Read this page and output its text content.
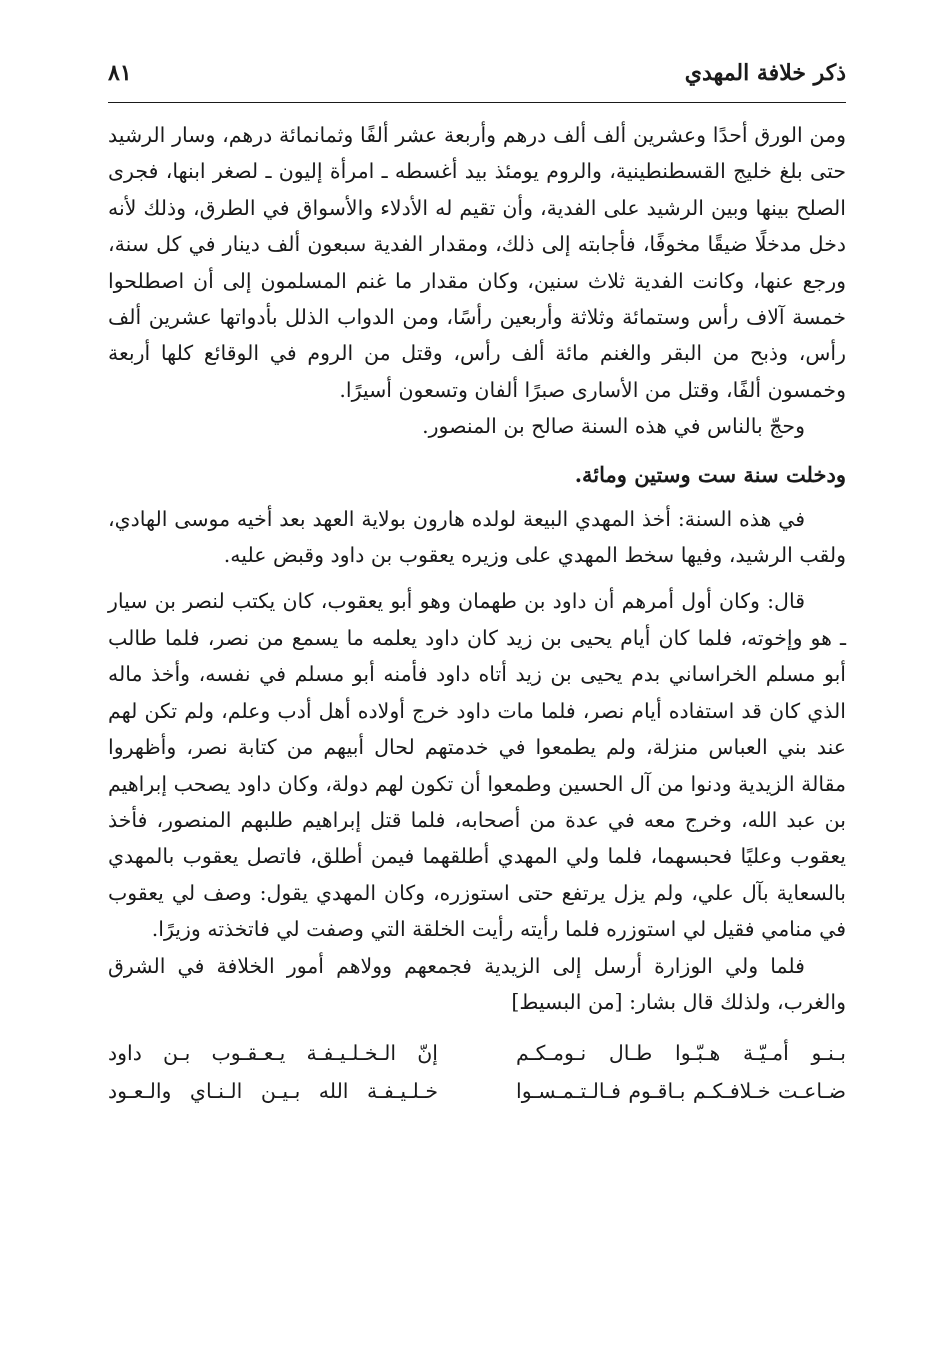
ذكر خلافة المهدي
٨١

ومن الورق أحدًا وعشرين ألف ألف درهم وأربعة عشر ألفًا وثمانمائة درهم، وسار الرشيد حتى بلغ خليج القسطنطينية، والروم يومئذ بيد أغسطه ـ امرأة إليون ـ لصغر ابنها، فجرى الصلح بينها وبين الرشيد على الفدية، وأن تقيم له الأدلاء والأسواق في الطرق، وذلك لأنه دخل مدخلًا ضيقًا مخوفًا، فأجابته إلى ذلك، ومقدار الفدية سبعون ألف دينار في كل سنة، ورجع عنها، وكانت الفدية ثلاث سنين، وكان مقدار ما غنم المسلمون إلى أن اصطلحوا خمسة آلاف رأس وستمائة وثلاثة وأربعين رأسًا، ومن الدواب الذلل بأدواتها عشرين ألف رأس، وذبح من البقر والغنم مائة ألف رأس، وقتل من الروم في الوقائع كلها أربعة وخمسون ألفًا، وقتل من الأسارى صبرًا ألفان وتسعون أسيرًا.

وحجّ بالناس في هذه السنة صالح بن المنصور.

ودخلت سنة ست وستين ومائة.

في هذه السنة: أخذ المهدي البيعة لولده هارون بولاية العهد بعد أخيه موسى الهادي، ولقب الرشيد، وفيها سخط المهدي على وزيره يعقوب بن داود وقبض عليه.

قال: وكان أول أمرهم أن داود بن طهمان وهو أبو يعقوب، كان يكتب لنصر بن سيار ـ هو وإخوته، فلما كان أيام يحيى بن زيد كان داود يعلمه ما يسمع من نصر، فلما طالب أبو مسلم الخراساني بدم يحيى بن زيد أتاه داود فأمنه أبو مسلم في نفسه، وأخذ ماله الذي كان قد استفاده أيام نصر، فلما مات داود خرج أولاده أهل أدب وعلم، ولم تكن لهم عند بني العباس منزلة، ولم يطمعوا في خدمتهم لحال أبيهم من كتابة نصر، وأظهروا مقالة الزيدية ودنوا من آل الحسين وطمعوا أن تكون لهم دولة، وكان داود يصحب إبراهيم بن عبد الله، وخرج معه في عدة من أصحابه، فلما قتل إبراهيم طلبهم المنصور، فأخذ يعقوب وعليًا فحبسهما، فلما ولي المهدي أطلقهما فيمن أطلق، فاتصل يعقوب بالمهدي بالسعاية بآل علي، ولم يزل يرتفع حتى استوزره، وكان المهدي يقول: وصف لي يعقوب في منامي فقيل لي استوزره فلما رأيته رأيت الخلقة التي وصفت لي فاتخذته وزيرًا.

فلما ولي الوزارة أرسل إلى الزيدية فجمعهم وولاهم أمور الخلافة في الشرق والغرب، ولذلك قال بشار: [من البسيط]

بـنـو أمـيّـة هـبّـوا طـال نـومـكـم
إنّ الـخـلـيـفـة يـعـقـوب بـن داود
ضـاعـت خـلافـكـم بـاقـوم فـالـتـمـسـوا
خـلـيـفـة الله بـيـن الـنـاي والـعـود
